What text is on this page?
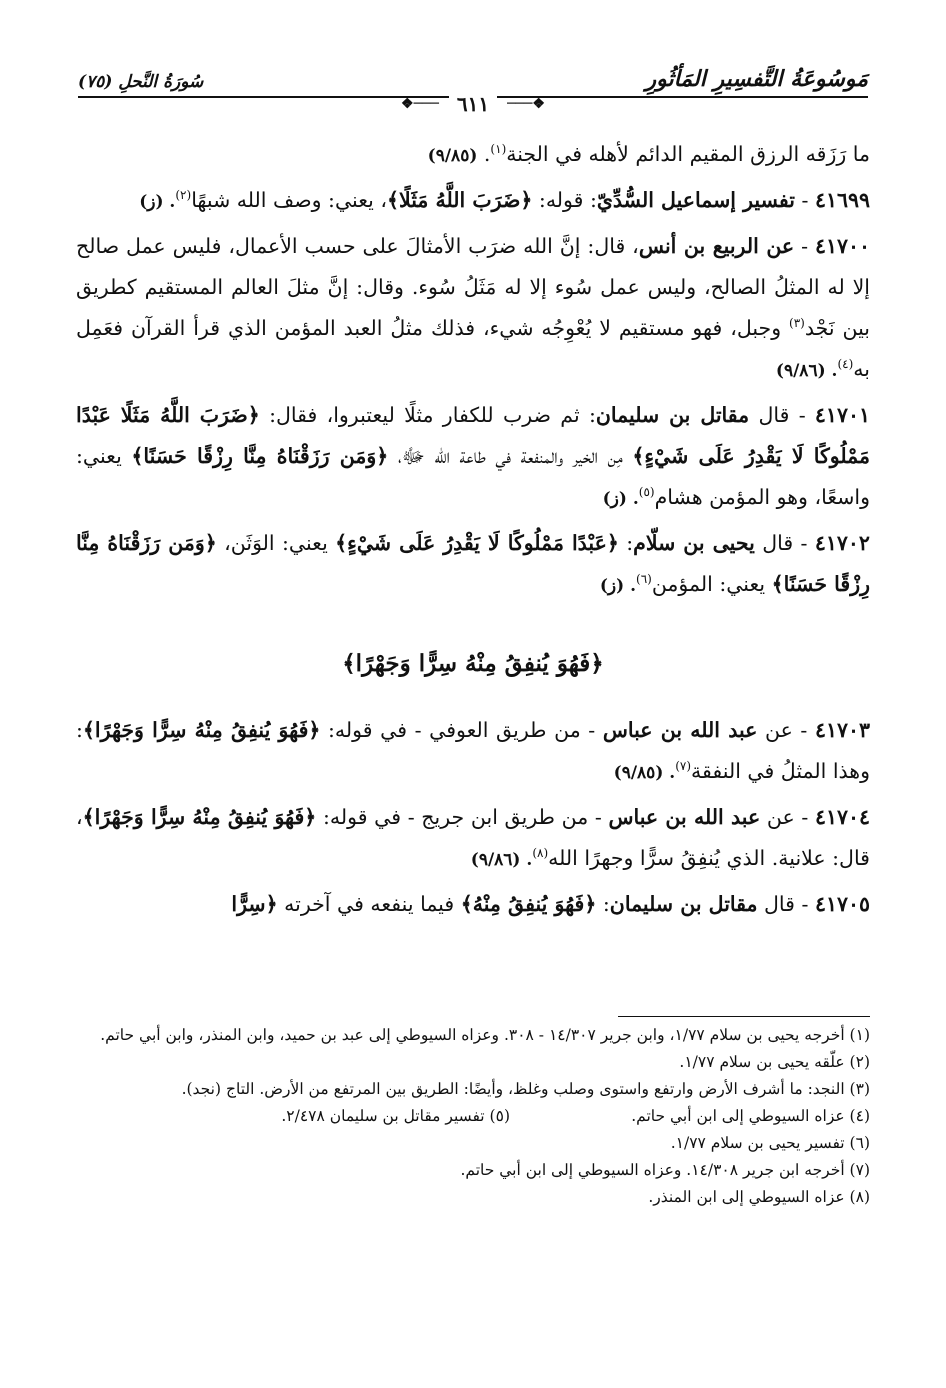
مَوسُوعَةُ التَّفسِيرِ المَأثُورِ
سُورَةُ النَّحلِ (٧٥)
❖───
٦١١
───❖

ما رَزَقه الرزق المقيم الدائم لأهله في الجنة$^{(١)}$. (٩/٨٥)

٤١٦٩٩ - تفسير إسماعيل السُّدِّيّ: قوله: ﴿ضَرَبَ اللَّهُ مَثَلًا﴾، يعني: وصف الله شبهًا$^{(٢)}$. (ز)

٤١٧٠٠ - عن الربيع بن أنس، قال: إنَّ الله ضرَب الأمثالَ على حسب الأعمال، فليس عمل صالح إلا له المثلُ الصالح، وليس عمل سُوء إلا له مَثَلُ سُوء. وقال: إنَّ مثلَ العالم المستقيم كطريق بين نَجْد$^{(٣)}$ وجبل، فهو مستقيم لا يُعْوِجُه شيء، فذلك مثلُ العبد المؤمن الذي قرأ القرآن فعَمِل به$^{(٤)}$. (٩/٨٦)

٤١٧٠١ - قال مقاتل بن سليمان: ثم ضرب للكفار مثلًا ليعتبروا، فقال: ﴿ضَرَبَ اللَّهُ مَثَلًا عَبْدًا مَمْلُوكًا لَا يَقْدِرُ عَلَى شَيْءٍ﴾ مِن الخير والمنفعة في طاعة الله ﷻ، ﴿وَمَن رَزَقْنَاهُ مِنَّا رِزْقًا حَسَنًا﴾ يعني: واسعًا، وهو المؤمن هشام$^{(٥)}$. (ز)

٤١٧٠٢ - قال يحيى بن سلّام: ﴿عَبْدًا مَمْلُوكًا لَا يَقْدِرُ عَلَى شَيْءٍ﴾ يعني: الوَثَن، ﴿وَمَن رَزَقْنَاهُ مِنَّا رِزْقًا حَسَنًا﴾ يعني: المؤمن$^{(٦)}$. (ز)

﴿فَهُوَ يُنفِقُ مِنْهُ سِرًّا وَجَهْرًا﴾

٤١٧٠٣ - عن عبد الله بن عباس - من طريق العوفي - في قوله: ﴿فَهُوَ يُنفِقُ مِنْهُ سِرًّا وَجَهْرًا﴾: وهذا المثلُ في النفقة$^{(٧)}$. (٩/٨٥)

٤١٧٠٤ - عن عبد الله بن عباس - من طريق ابن جريج - في قوله: ﴿فَهُوَ يُنفِقُ مِنْهُ سِرًّا وَجَهْرًا﴾، قال: علانية. الذي يُنفِقُ سرًّا وجهرًا الله$^{(٨)}$. (٩/٨٦)

٤١٧٠٥ - قال مقاتل بن سليمان: ﴿فَهُوَ يُنفِقُ مِنْهُ﴾ فيما ينفعه في آخرته ﴿سِرًّا

(١) أخرجه يحيى بن سلام ١/٧٧، وابن جرير ١٤/٣٠٧ - ٣٠٨. وعزاه السيوطي إلى عبد بن حميد، وابن المنذر، وابن أبي حاتم.

(٢) علّقه يحيى بن سلام ١/٧٧.

(٣) النجد: ما أشرف الأرض وارتفع واستوى وصلب وغلظ، وأيضًا: الطريق بين المرتفع من الأرض. التاج (نجد).

(٤) عزاه السيوطي إلى ابن أبي حاتم.
(٥) تفسير مقاتل بن سليمان ٢/٤٧٨.

(٦) تفسير يحيى بن سلام ١/٧٧.

(٧) أخرجه ابن جرير ١٤/٣٠٨. وعزاه السيوطي إلى ابن أبي حاتم.

(٨) عزاه السيوطي إلى ابن المنذر.
